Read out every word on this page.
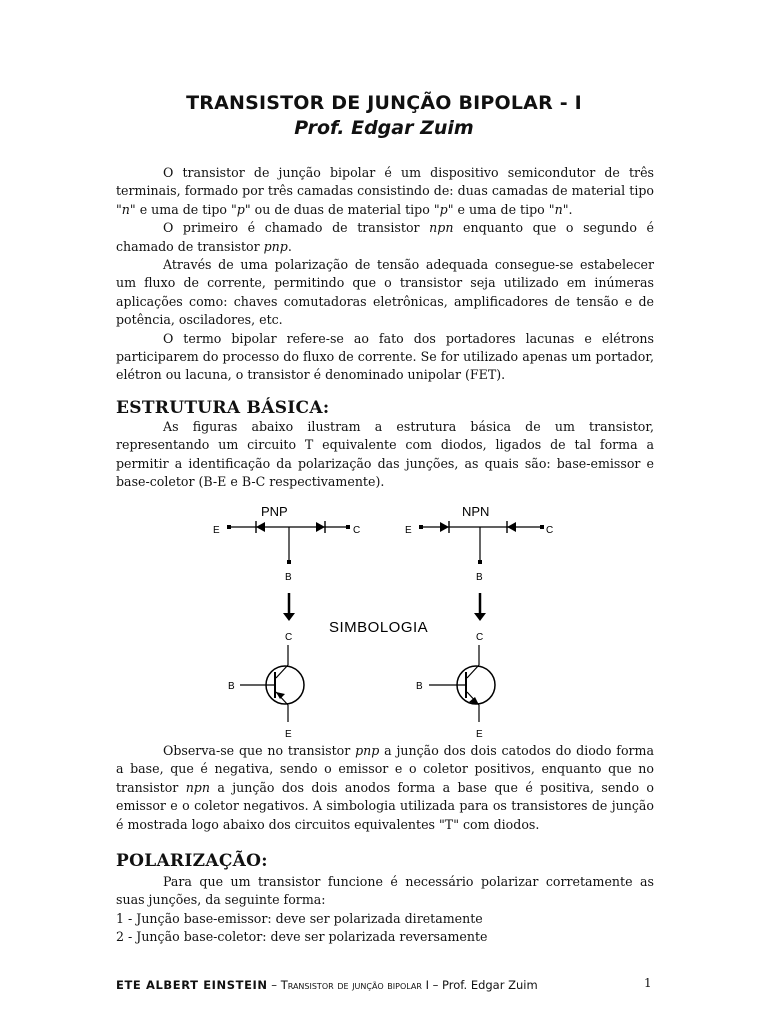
TRANSISTOR DE JUNÇÃO BIPOLAR - I
Prof. Edgar Zuim

O transistor de junção bipolar é um dispositivo semicondutor de três terminais, formado por três camadas consistindo de: duas camadas de material tipo "n" e uma de tipo "p" ou de duas de material tipo "p" e uma de tipo "n".

O primeiro é chamado de transistor npn enquanto que o segundo é chamado de transistor pnp.

Através de uma polarização de tensão adequada consegue-se estabelecer um fluxo de corrente, permitindo que o transistor seja utilizado em inúmeras aplicações como: chaves comutadoras eletrônicas, amplificadores de tensão e de potência, osciladores, etc.

O termo bipolar refere-se ao fato dos portadores lacunas e elétrons participarem do processo do fluxo de corrente. Se for utilizado apenas um portador, elétron ou lacuna, o transistor é denominado unipolar (FET).

ESTRUTURA BÁSICA:

As figuras abaixo ilustram a estrutura básica de um transistor, representando um circuito T equivalente com diodos, ligados de tal forma a permitir a identificação da polarização das junções, as quais são: base-emissor e base-coletor (B-E e B-C respectivamente).

PNP
E	C
B
NPN
E	C
B
SIMBOLOGIA
C
B
E
C
B
E

Observa-se que no transistor pnp a junção dos dois catodos do diodo forma a base, que é negativa, sendo o emissor e o coletor positivos, enquanto que no transistor npn a junção dos dois anodos forma a base que é positiva, sendo o emissor e o coletor negativos. A simbologia utilizada para os transistores de junção é mostrada logo abaixo dos circuitos equivalentes "T" com diodos.

POLARIZAÇÃO:

Para que um transistor funcione é necessário polarizar corretamente as suas junções, da seguinte forma:

1 - Junção base-emissor: deve ser polarizada diretamente

2 - Junção base-coletor: deve ser polarizada reversamente

ETE ALBERT EINSTEIN – Transistor de junção bipolar I – Prof. Edgar Zuim	1
